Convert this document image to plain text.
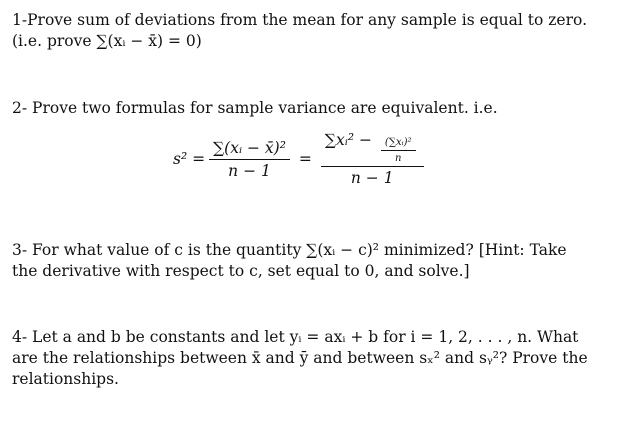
1-Prove sum of deviations from the mean for any sample is equal to zero.
(i.e. prove ∑(xᵢ − x̄) = 0)
2- Prove two formulas for sample variance are equivalent. i.e.
$s^2 = \frac{\text{∑(xᵢ − x̄)²}}{n - 1} = \frac{\sum xᵢ^2 - \frac{\text{(∑xᵢ)²}}{n}}{n - 1}$
3- For what value of c is the quantity ∑(xᵢ − c)² minimized? [Hint: Take
the derivative with respect to c, set equal to 0, and solve.]
4- Let a and b be constants and let yᵢ = axᵢ + b for i = 1, 2, . . . , n. What
are the relationships between x̄ and ȳ and between sₓ² and sᵧ²? Prove the
relationships.
